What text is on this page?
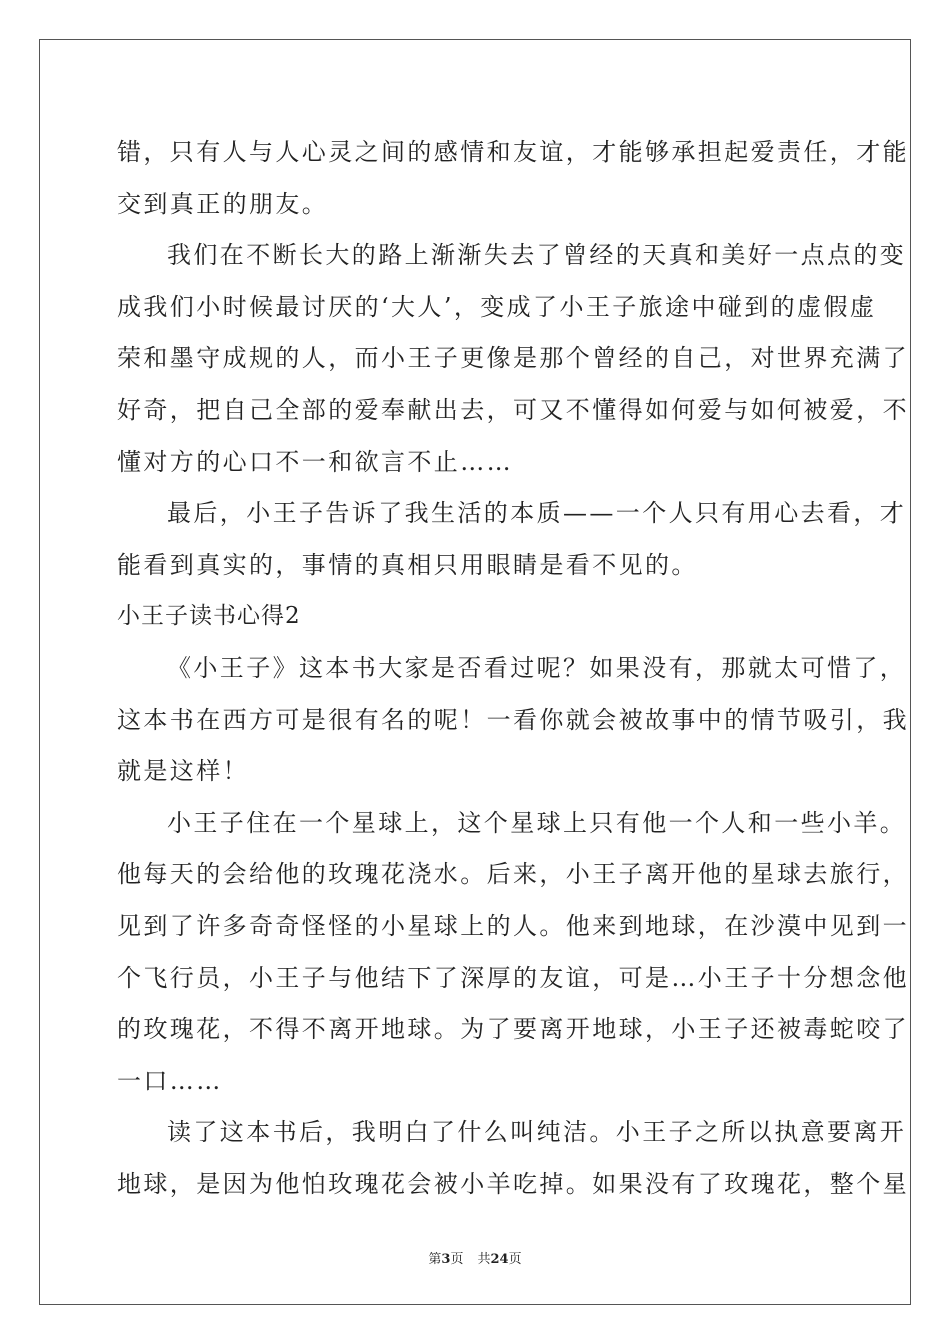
错，只有人与人心灵之间的感情和友谊，才能够承担起爱责任，才能
交到真正的朋友。
我们在不断长大的路上渐渐失去了曾经的天真和美好一点点的变
成我们小时候最讨厌的‘大人’，变成了小王子旅途中碰到的虚假虚
荣和墨守成规的人，而小王子更像是那个曾经的自己，对世界充满了
好奇，把自己全部的爱奉献出去，可又不懂得如何爱与如何被爱，不
懂对方的心口不一和欲言不止……
最后，小王子告诉了我生活的本质——一个人只有用心去看，才
能看到真实的，事情的真相只用眼睛是看不见的。
小王子读书心得2
《小王子》这本书大家是否看过呢？如果没有，那就太可惜了，
这本书在西方可是很有名的呢！一看你就会被故事中的情节吸引，我
就是这样！
小王子住在一个星球上，这个星球上只有他一个人和一些小羊。
他每天的会给他的玫瑰花浇水。后来，小王子离开他的星球去旅行，
见到了许多奇奇怪怪的小星球上的人。他来到地球，在沙漠中见到一
个飞行员，小王子与他结下了深厚的友谊，可是…小王子十分想念他
的玫瑰花，不得不离开地球。为了要离开地球，小王子还被毒蛇咬了
一口……
读了这本书后，我明白了什么叫纯洁。小王子之所以执意要离开
地球，是因为他怕玫瑰花会被小羊吃掉。如果没有了玫瑰花，整个星
第3页 共24页
